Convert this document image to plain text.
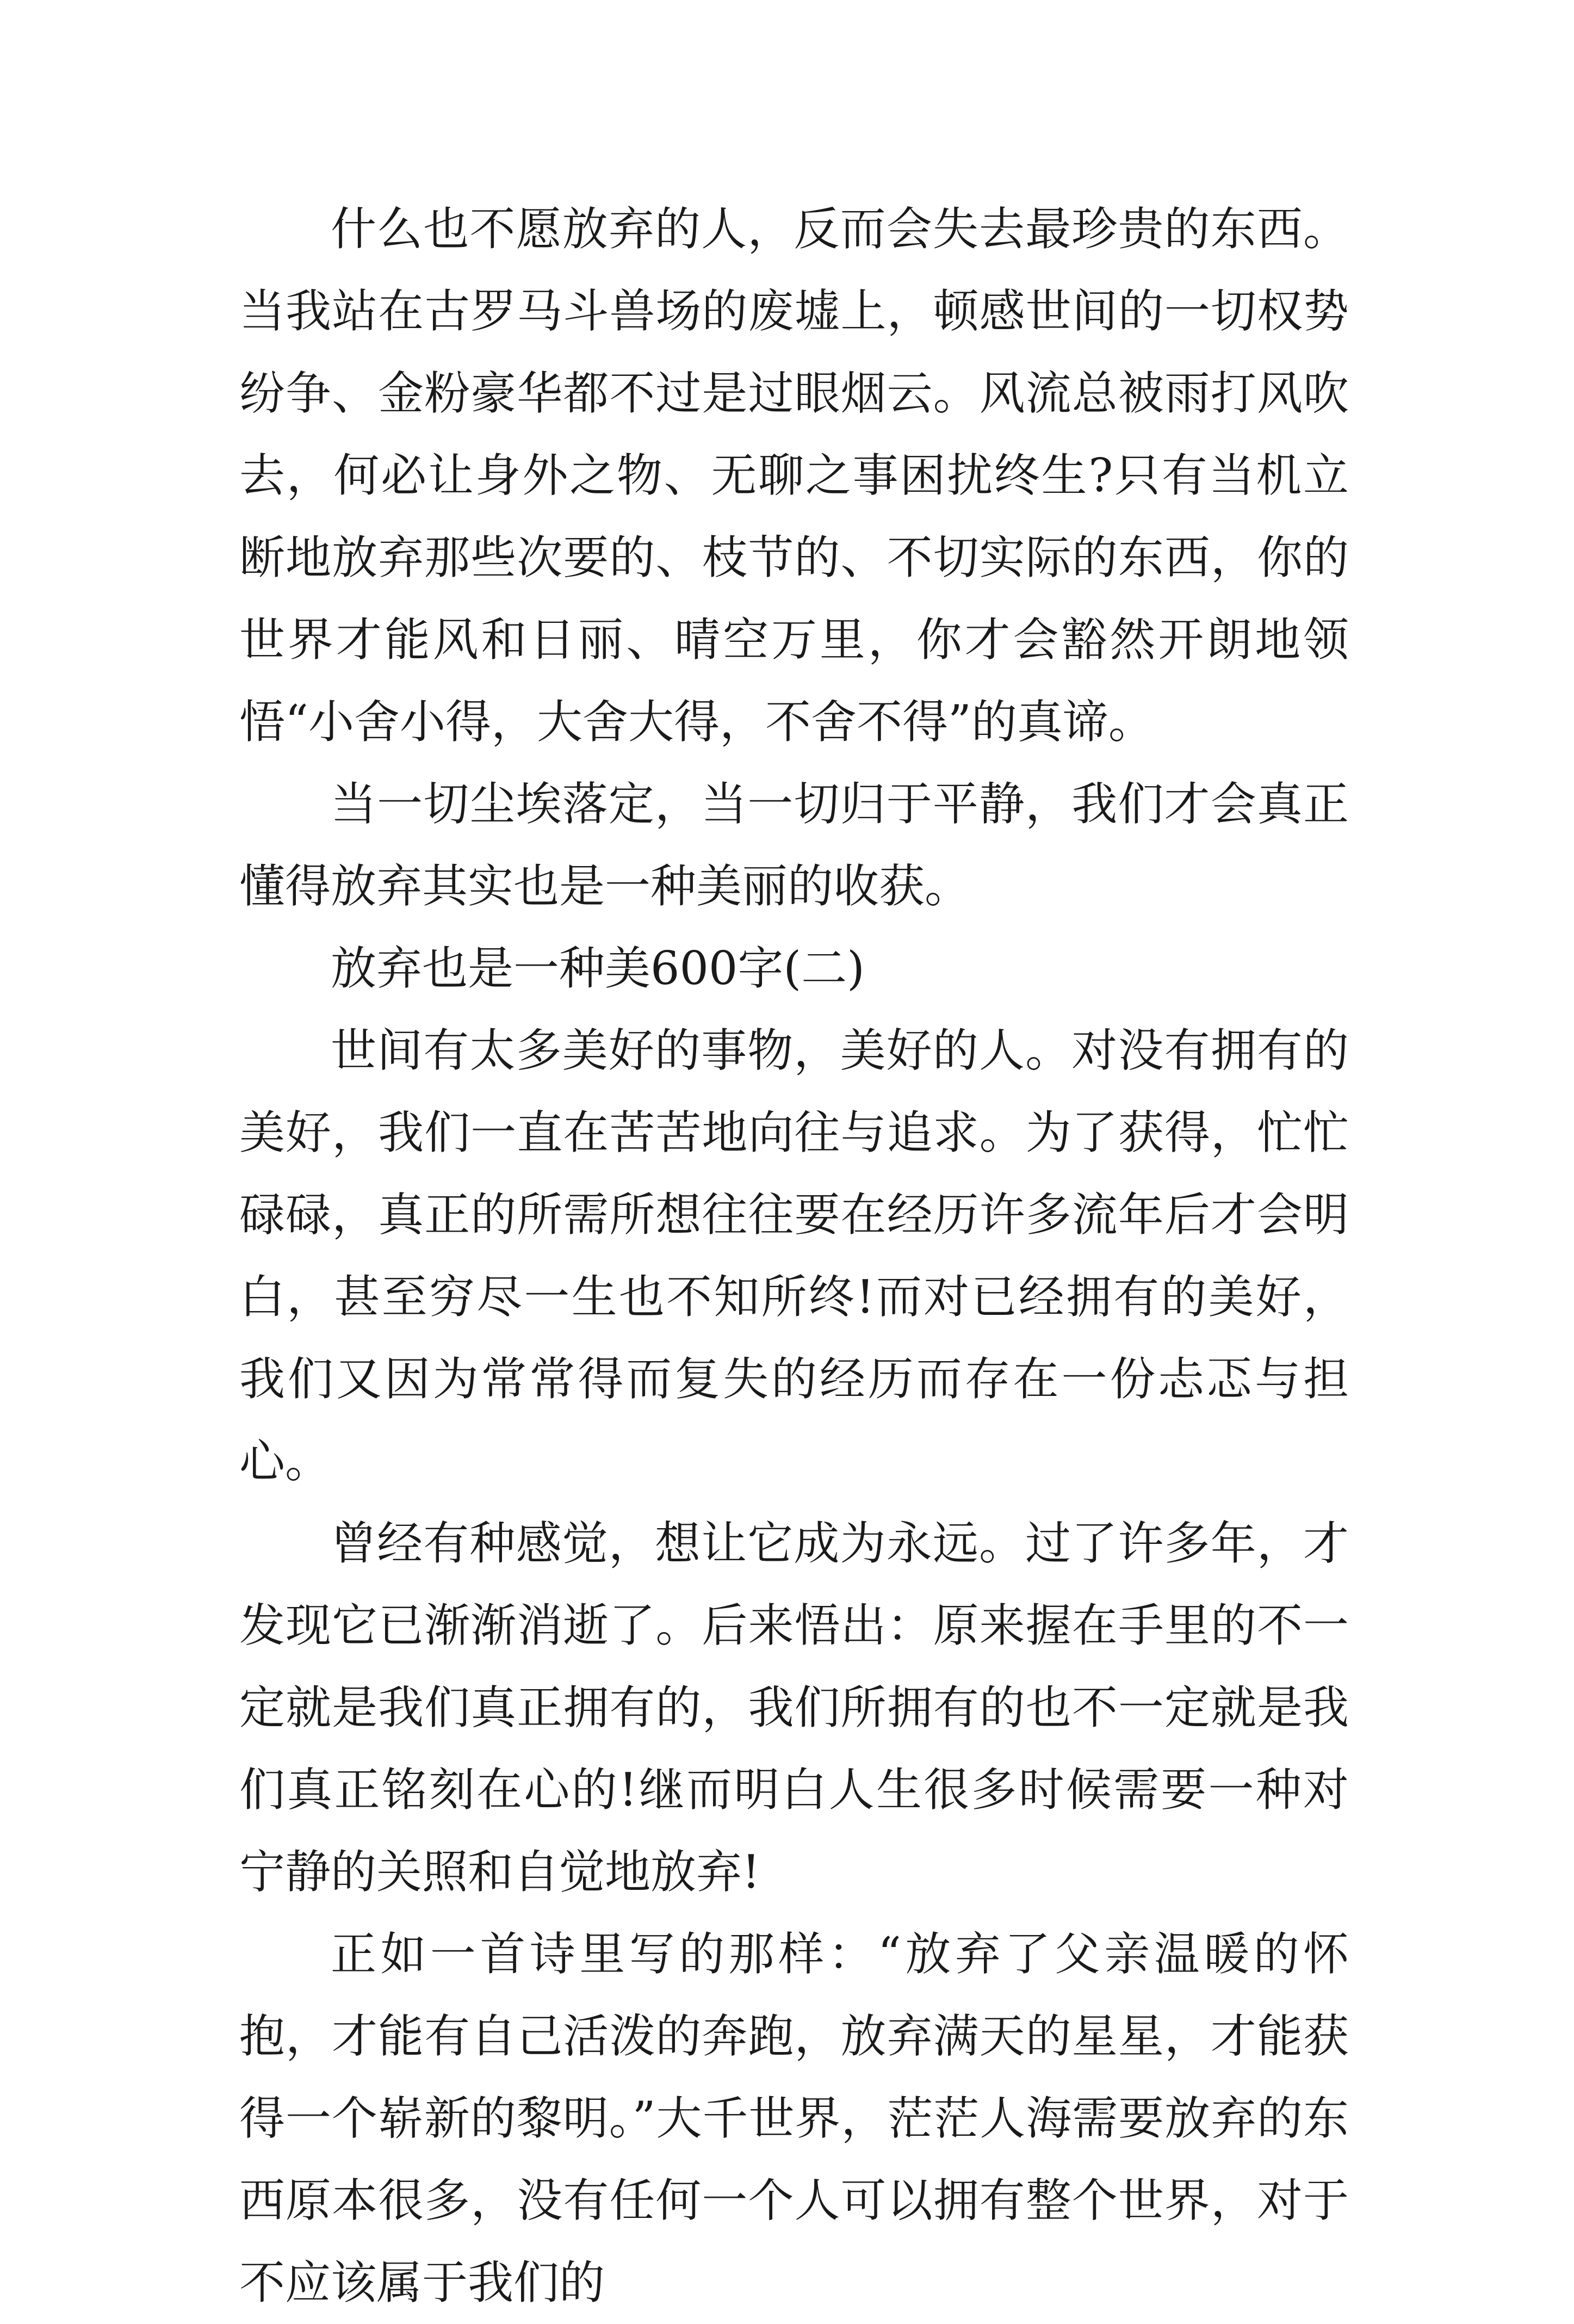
什么也不愿放弃的人，反而会失去最珍贵的东西。当我站在古罗马斗兽场的废墟上，顿感世间的一切权势纷争、金粉豪华都不过是过眼烟云。风流总被雨打风吹去，何必让身外之物、无聊之事困扰终生?只有当机立断地放弃那些次要的、枝节的、不切实际的东西，你的世界才能风和日丽、晴空万里，你才会豁然开朗地领悟“小舍小得，大舍大得，不舍不得”的真谛。

当一切尘埃落定，当一切归于平静，我们才会真正懂得放弃其实也是一种美丽的收获。

放弃也是一种美600字(二)

世间有太多美好的事物，美好的人。对没有拥有的美好，我们一直在苦苦地向往与追求。为了获得，忙忙碌碌，真正的所需所想往往要在经历许多流年后才会明白，甚至穷尽一生也不知所终!而对已经拥有的美好，我们又因为常常得而复失的经历而存在一份忐忑与担心。

曾经有种感觉，想让它成为永远。过了许多年，才发现它已渐渐消逝了。后来悟出：原来握在手里的不一定就是我们真正拥有的，我们所拥有的也不一定就是我们真正铭刻在心的!继而明白人生很多时候需要一种对宁静的关照和自觉地放弃!

正如一首诗里写的那样：“放弃了父亲温暖的怀抱，才能有自己活泼的奔跑，放弃满天的星星，才能获得一个崭新的黎明。”大千世界，茫茫人海需要放弃的东西原本很多，没有任何一个人可以拥有整个世界，对于不应该属于我们的
